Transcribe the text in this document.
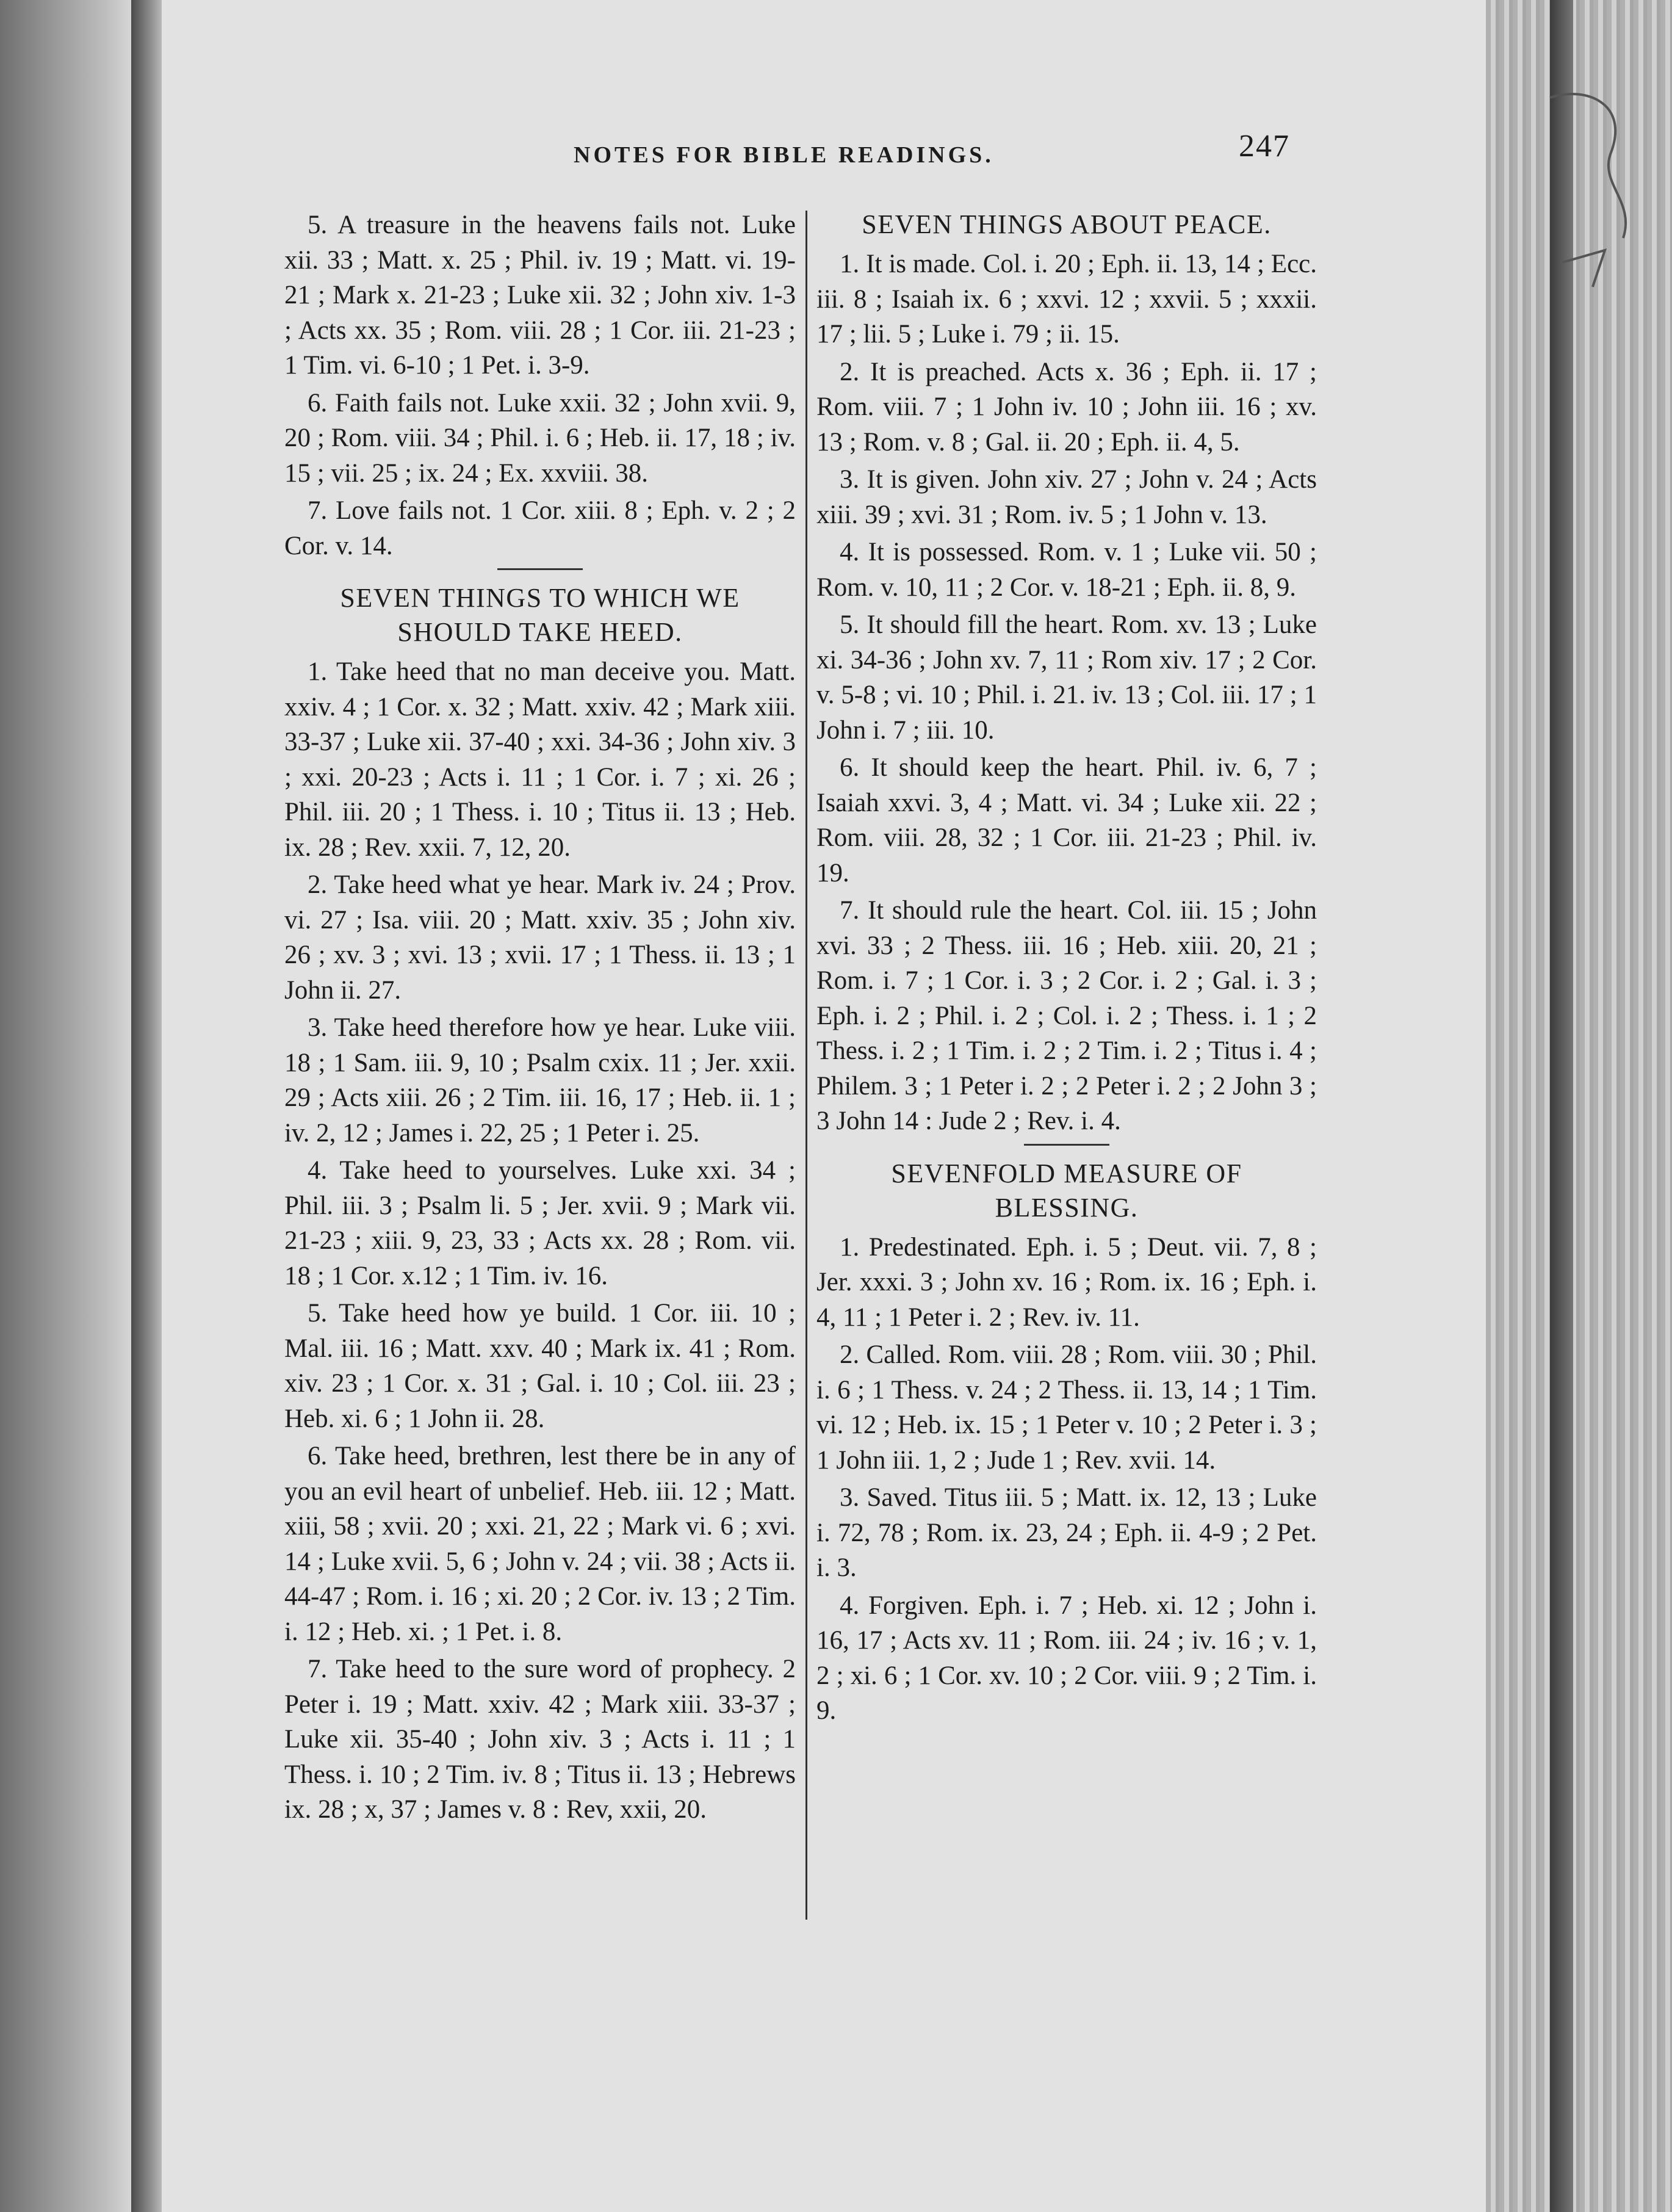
NOTES FOR BIBLE READINGS.	247

5. A treasure in the heavens fails not. Luke xii. 33 ; Matt. x. 25 ; Phil. iv. 19 ; Matt. vi. 19-21 ; Mark x. 21-23 ; Luke xii. 32 ; John xiv. 1-3 ; Acts xx. 35 ; Rom. viii. 28 ; 1 Cor. iii. 21-23 ; 1 Tim. vi. 6-10 ; 1 Pet. i. 3-9.

6. Faith fails not. Luke xxii. 32 ; John xvii. 9, 20 ; Rom. viii. 34 ; Phil. i. 6 ; Heb. ii. 17, 18 ; iv. 15 ; vii. 25 ; ix. 24 ; Ex. xxviii. 38.

7. Love fails not. 1 Cor. xiii. 8 ; Eph. v. 2 ; 2 Cor. v. 14.

SEVEN THINGS TO WHICH WE SHOULD TAKE HEED.

1. Take heed that no man deceive you. Matt. xxiv. 4 ; 1 Cor. x. 32 ; Matt. xxiv. 42 ; Mark xiii. 33-37 ; Luke xii. 37-40 ; xxi. 34-36 ; John xiv. 3 ; xxi. 20-23 ; Acts i. 11 ; 1 Cor. i. 7 ; xi. 26 ; Phil. iii. 20 ; 1 Thess. i. 10 ; Titus ii. 13 ; Heb. ix. 28 ; Rev. xxii. 7, 12, 20.

2. Take heed what ye hear. Mark iv. 24 ; Prov. vi. 27 ; Isa. viii. 20 ; Matt. xxiv. 35 ; John xiv. 26 ; xv. 3 ; xvi. 13 ; xvii. 17 ; 1 Thess. ii. 13 ; 1 John ii. 27.

3. Take heed therefore how ye hear. Luke viii. 18 ; 1 Sam. iii. 9, 10 ; Psalm cxix. 11 ; Jer. xxii. 29 ; Acts xiii. 26 ; 2 Tim. iii. 16, 17 ; Heb. ii. 1 ; iv. 2, 12 ; James i. 22, 25 ; 1 Peter i. 25.

4. Take heed to yourselves. Luke xxi. 34 ; Phil. iii. 3 ; Psalm li. 5 ; Jer. xvii. 9 ; Mark vii. 21-23 ; xiii. 9, 23, 33 ; Acts xx. 28 ; Rom. vii. 18 ; 1 Cor. x.12 ; 1 Tim. iv. 16.

5. Take heed how ye build. 1 Cor. iii. 10 ; Mal. iii. 16 ; Matt. xxv. 40 ; Mark ix. 41 ; Rom. xiv. 23 ; 1 Cor. x. 31 ; Gal. i. 10 ; Col. iii. 23 ; Heb. xi. 6 ; 1 John ii. 28.

6. Take heed, brethren, lest there be in any of you an evil heart of unbelief. Heb. iii. 12 ; Matt. xiii, 58 ; xvii. 20 ; xxi. 21, 22 ; Mark vi. 6 ; xvi. 14 ; Luke xvii. 5, 6 ; John v. 24 ; vii. 38 ; Acts ii. 44-47 ; Rom. i. 16 ; xi. 20 ; 2 Cor. iv. 13 ; 2 Tim. i. 12 ; Heb. xi. ; 1 Pet. i. 8.

7. Take heed to the sure word of prophecy. 2 Peter i. 19 ; Matt. xxiv. 42 ; Mark xiii. 33-37 ; Luke xii. 35-40 ; John xiv. 3 ; Acts i. 11 ; 1 Thess. i. 10 ; 2 Tim. iv. 8 ; Titus ii. 13 ; Hebrews ix. 28 ; x, 37 ; James v. 8 : Rev, xxii, 20.

SEVEN THINGS ABOUT PEACE.

1. It is made. Col. i. 20 ; Eph. ii. 13, 14 ; Ecc. iii. 8 ; Isaiah ix. 6 ; xxvi. 12 ; xxvii. 5 ; xxxii. 17 ; lii. 5 ; Luke i. 79 ; ii. 15.

2. It is preached. Acts x. 36 ; Eph. ii. 17 ; Rom. viii. 7 ; 1 John iv. 10 ; John iii. 16 ; xv. 13 ; Rom. v. 8 ; Gal. ii. 20 ; Eph. ii. 4, 5.

3. It is given. John xiv. 27 ; John v. 24 ; Acts xiii. 39 ; xvi. 31 ; Rom. iv. 5 ; 1 John v. 13.

4. It is possessed. Rom. v. 1 ; Luke vii. 50 ; Rom. v. 10, 11 ; 2 Cor. v. 18-21 ; Eph. ii. 8, 9.

5. It should fill the heart. Rom. xv. 13 ; Luke xi. 34-36 ; John xv. 7, 11 ; Rom xiv. 17 ; 2 Cor. v. 5-8 ; vi. 10 ; Phil. i. 21. iv. 13 ; Col. iii. 17 ; 1 John i. 7 ; iii. 10.

6. It should keep the heart. Phil. iv. 6, 7 ; Isaiah xxvi. 3, 4 ; Matt. vi. 34 ; Luke xii. 22 ; Rom. viii. 28, 32 ; 1 Cor. iii. 21-23 ; Phil. iv. 19.

7. It should rule the heart. Col. iii. 15 ; John xvi. 33 ; 2 Thess. iii. 16 ; Heb. xiii. 20, 21 ; Rom. i. 7 ; 1 Cor. i. 3 ; 2 Cor. i. 2 ; Gal. i. 3 ; Eph. i. 2 ; Phil. i. 2 ; Col. i. 2 ; Thess. i. 1 ; 2 Thess. i. 2 ; 1 Tim. i. 2 ; 2 Tim. i. 2 ; Titus i. 4 ; Philem. 3 ; 1 Peter i. 2 ; 2 Peter i. 2 ; 2 John 3 ; 3 John 14 : Jude 2 ; Rev. i. 4.

SEVENFOLD MEASURE OF BLESSING.

1. Predestinated. Eph. i. 5 ; Deut. vii. 7, 8 ; Jer. xxxi. 3 ; John xv. 16 ; Rom. ix. 16 ; Eph. i. 4, 11 ; 1 Peter i. 2 ; Rev. iv. 11.

2. Called. Rom. viii. 28 ; Rom. viii. 30 ; Phil. i. 6 ; 1 Thess. v. 24 ; 2 Thess. ii. 13, 14 ; 1 Tim. vi. 12 ; Heb. ix. 15 ; 1 Peter v. 10 ; 2 Peter i. 3 ; 1 John iii. 1, 2 ; Jude 1 ; Rev. xvii. 14.

3. Saved. Titus iii. 5 ; Matt. ix. 12, 13 ; Luke i. 72, 78 ; Rom. ix. 23, 24 ; Eph. ii. 4-9 ; 2 Pet. i. 3.

4. Forgiven. Eph. i. 7 ; Heb. xi. 12 ; John i. 16, 17 ; Acts xv. 11 ; Rom. iii. 24 ; iv. 16 ; v. 1, 2 ; xi. 6 ; 1 Cor. xv. 10 ; 2 Cor. viii. 9 ; 2 Tim. i. 9.
